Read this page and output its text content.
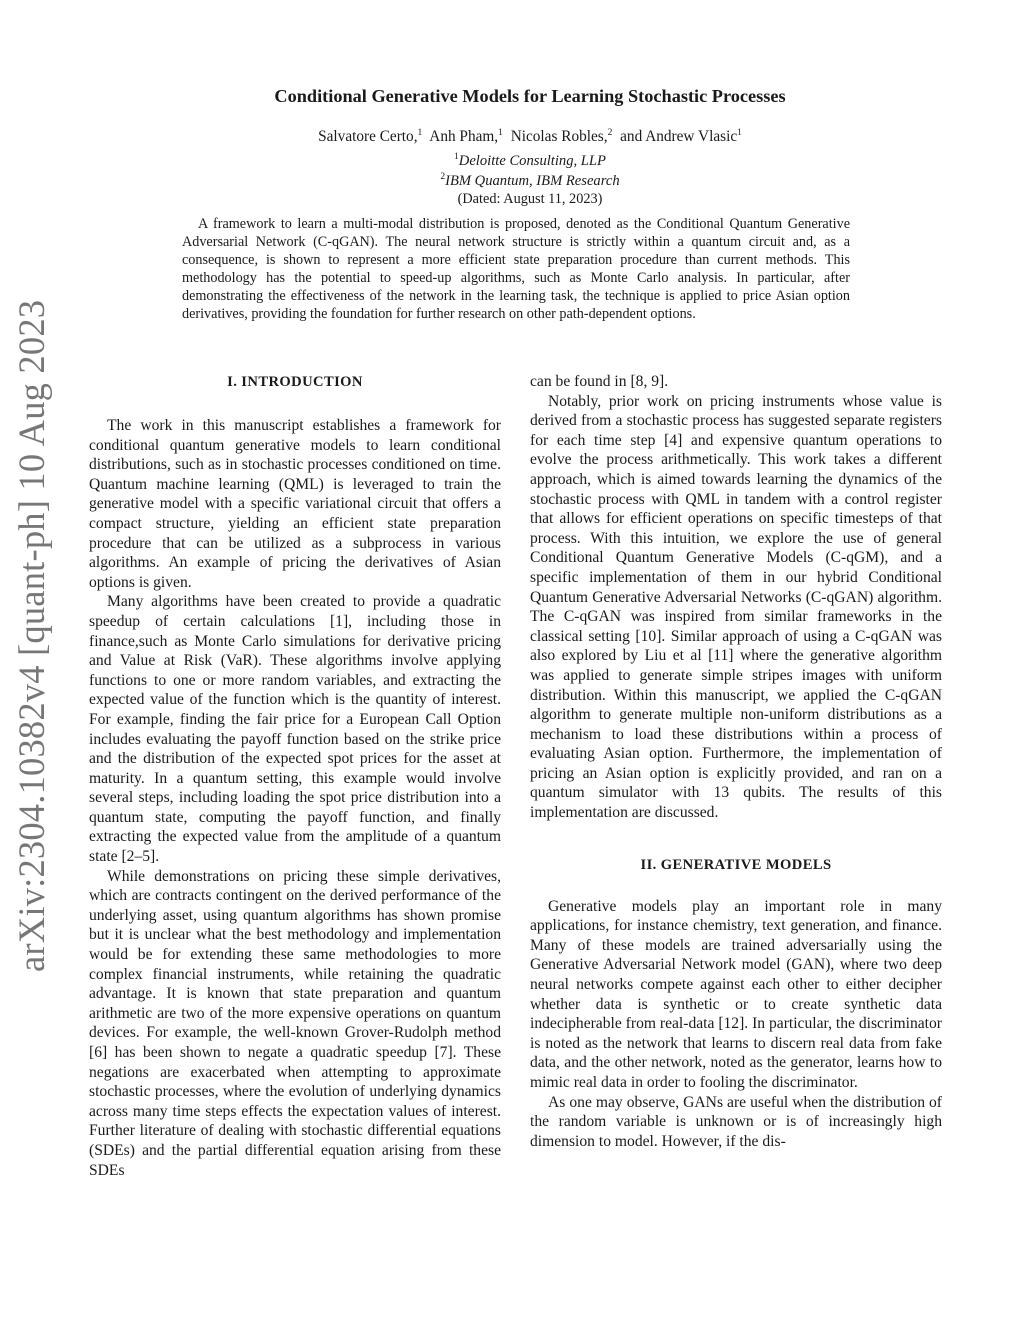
arXiv:2304.10382v4 [quant-ph] 10 Aug 2023
Conditional Generative Models for Learning Stochastic Processes
Salvatore Certo,$^1$ Anh Pham,$^1$ Nicolas Robles,$^2$ and Andrew Vlasic$^1$
$^1$Deloitte Consulting, LLP
$^2$IBM Quantum, IBM Research
(Dated: August 11, 2023)

A framework to learn a multi-modal distribution is proposed, denoted as the Conditional Quantum Generative Adversarial Network (C-qGAN). The neural network structure is strictly within a quantum circuit and, as a consequence, is shown to represent a more efficient state preparation procedure than current methods. This methodology has the potential to speed-up algorithms, such as Monte Carlo analysis. In particular, after demonstrating the effectiveness of the network in the learning task, the technique is applied to price Asian option derivatives, providing the foundation for further research on other path-dependent options.

I. INTRODUCTION

The work in this manuscript establishes a framework for conditional quantum generative models to learn conditional distributions, such as in stochastic processes conditioned on time. Quantum machine learning (QML) is leveraged to train the generative model with a specific variational circuit that offers a compact structure, yielding an efficient state preparation procedure that can be utilized as a subprocess in various algorithms. An example of pricing the derivatives of Asian options is given.

Many algorithms have been created to provide a quadratic speedup of certain calculations [1], including those in finance,such as Monte Carlo simulations for derivative pricing and Value at Risk (VaR). These algorithms involve applying functions to one or more random variables, and extracting the expected value of the function which is the quantity of interest. For example, finding the fair price for a European Call Option includes evaluating the payoff function based on the strike price and the distribution of the expected spot prices for the asset at maturity. In a quantum setting, this example would involve several steps, including loading the spot price distribution into a quantum state, computing the payoff function, and finally extracting the expected value from the amplitude of a quantum state [2–5].

While demonstrations on pricing these simple derivatives, which are contracts contingent on the derived performance of the underlying asset, using quantum algorithms has shown promise but it is unclear what the best methodology and implementation would be for extending these same methodologies to more complex financial instruments, while retaining the quadratic advantage. It is known that state preparation and quantum arithmetic are two of the more expensive operations on quantum devices. For example, the well-known Grover-Rudolph method [6] has been shown to negate a quadratic speedup [7]. These negations are exacerbated when attempting to approximate stochastic processes, where the evolution of underlying dynamics across many time steps effects the expectation values of interest. Further literature of dealing with stochastic differential equations (SDEs) and the partial differential equation arising from these SDEs

can be found in [8, 9].

Notably, prior work on pricing instruments whose value is derived from a stochastic process has suggested separate registers for each time step [4] and expensive quantum operations to evolve the process arithmetically. This work takes a different approach, which is aimed towards learning the dynamics of the stochastic process with QML in tandem with a control register that allows for efficient operations on specific timesteps of that process. With this intuition, we explore the use of general Conditional Quantum Generative Models (C-qGM), and a specific implementation of them in our hybrid Conditional Quantum Generative Adversarial Networks (C-qGAN) algorithm. The C-qGAN was inspired from similar frameworks in the classical setting [10]. Similar approach of using a C-qGAN was also explored by Liu et al [11] where the generative algorithm was applied to generate simple stripes images with uniform distribution. Within this manuscript, we applied the C-qGAN algorithm to generate multiple non-uniform distributions as a mechanism to load these distributions within a process of evaluating Asian option. Furthermore, the implementation of pricing an Asian option is explicitly provided, and ran on a quantum simulator with 13 qubits. The results of this implementation are discussed.

II. GENERATIVE MODELS

Generative models play an important role in many applications, for instance chemistry, text generation, and finance. Many of these models are trained adversarially using the Generative Adversarial Network model (GAN), where two deep neural networks compete against each other to either decipher whether data is synthetic or to create synthetic data indecipherable from real-data [12]. In particular, the discriminator is noted as the network that learns to discern real data from fake data, and the other network, noted as the generator, learns how to mimic real data in order to fooling the discriminator.

As one may observe, GANs are useful when the distribution of the random variable is unknown or is of increasingly high dimension to model. However, if the dis-
